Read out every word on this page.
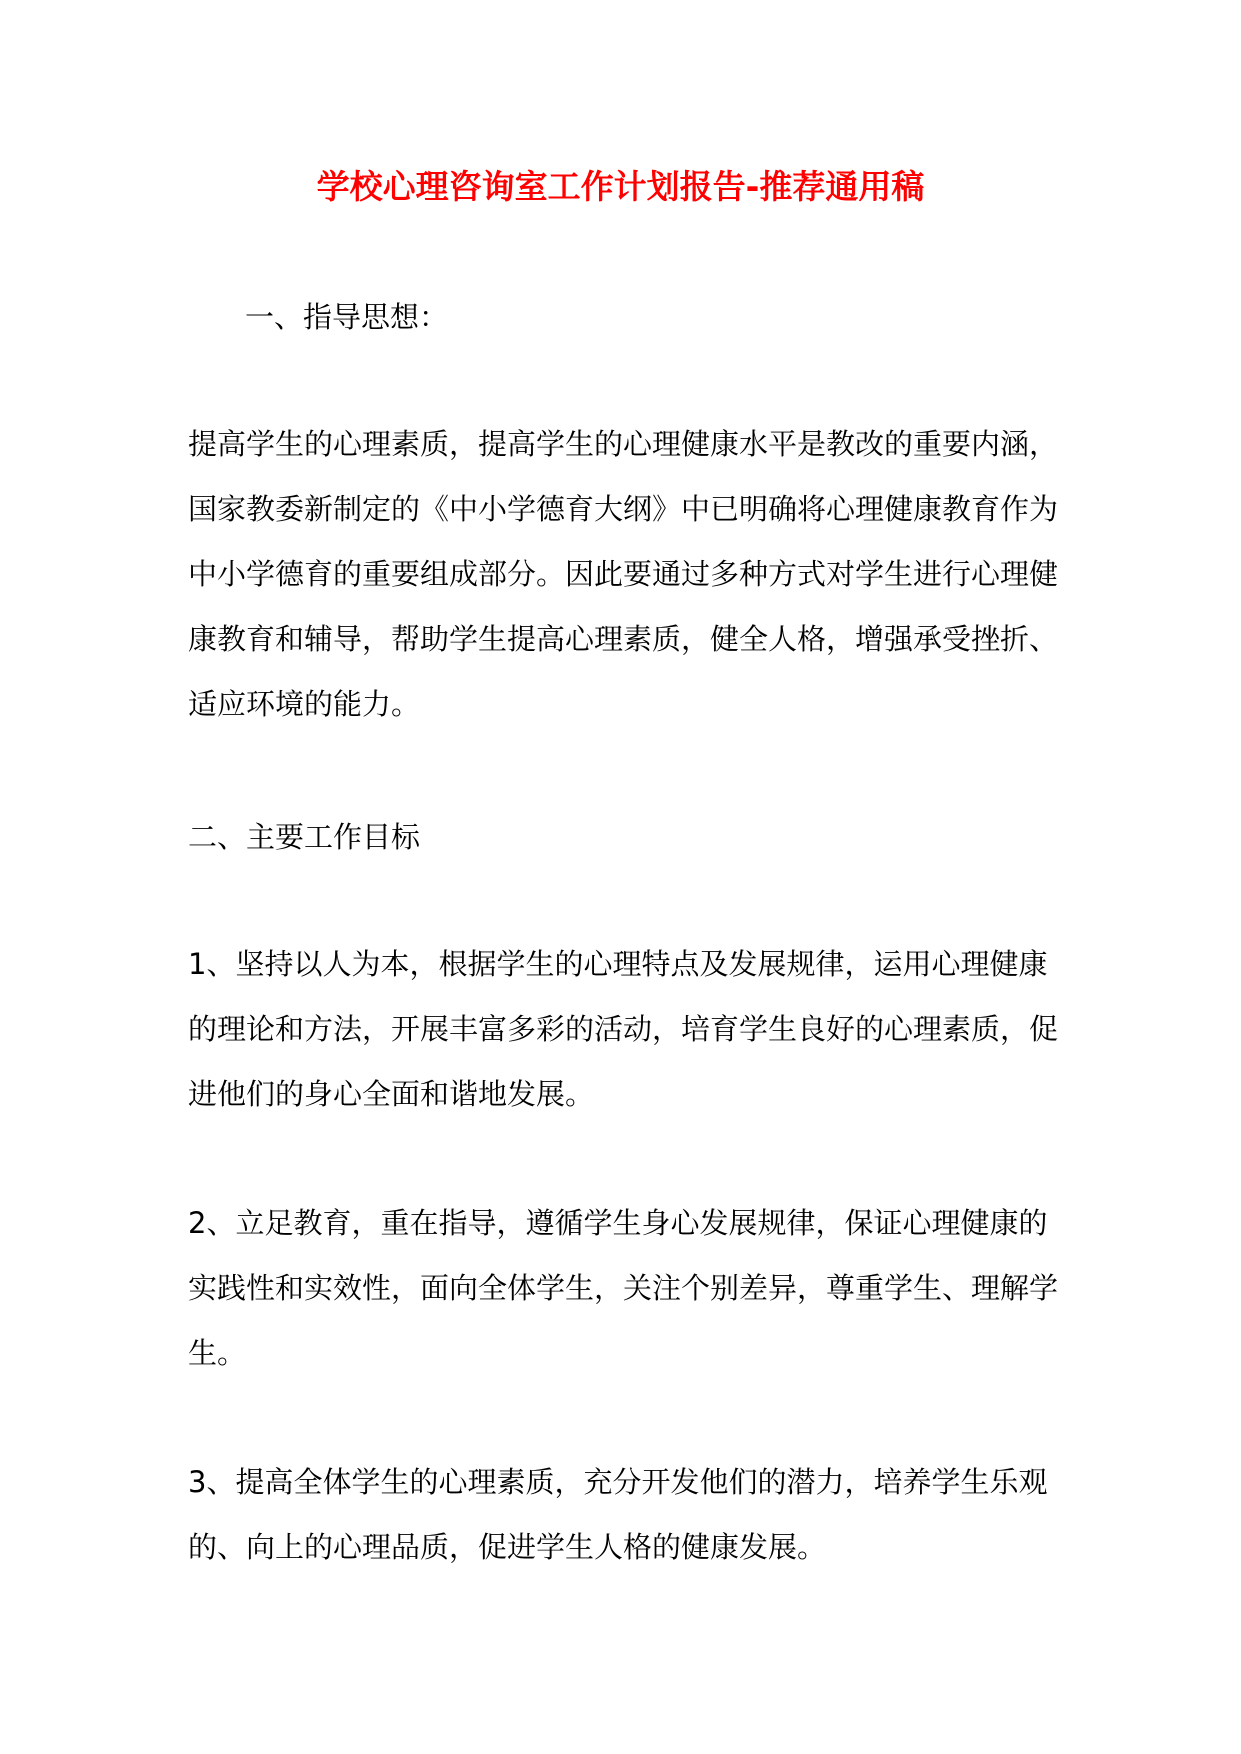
学校心理咨询室工作计划报告-推荐通用稿
一、指导思想：
提高学生的心理素质，提高学生的心理健康水平是教改的重要内涵，
国家教委新制定的《中小学德育大纲》中已明确将心理健康教育作为
中小学德育的重要组成部分。因此要通过多种方式对学生进行心理健
康教育和辅导，帮助学生提高心理素质，健全人格，增强承受挫折、
适应环境的能力。
二、主要工作目标
1、坚持以人为本，根据学生的心理特点及发展规律，运用心理健康
的理论和方法，开展丰富多彩的活动，培育学生良好的心理素质，促
进他们的身心全面和谐地发展。
2、立足教育，重在指导，遵循学生身心发展规律，保证心理健康的
实践性和实效性，面向全体学生，关注个别差异，尊重学生、理解学
生。
3、提高全体学生的心理素质，充分开发他们的潜力，培养学生乐观
的、向上的心理品质，促进学生人格的健康发展。
